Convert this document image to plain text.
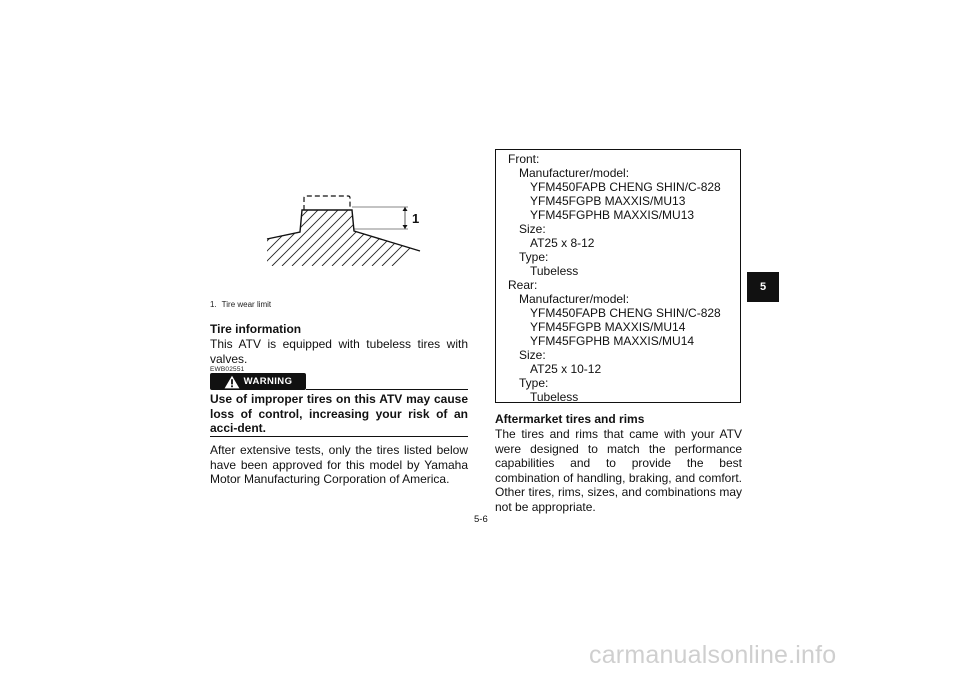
1
1. Tire wear limit
Tire information

This ATV is equipped with tubeless tires with valves.

EWB02551
WARNING

Use of improper tires on this ATV may cause loss of control, increasing your risk of an acci-dent.

After extensive tests, only the tires listed below have been approved for this model by Yamaha Motor Manufacturing Corporation of America.

Front:
Manufacturer/model:
YFM450FAPB CHENG SHIN/C-828
YFM45FGPB MAXXIS/MU13
YFM45FGPHB MAXXIS/MU13
Size:
AT25 x 8-12
Type:
Tubeless
Rear:
Manufacturer/model:
YFM450FAPB CHENG SHIN/C-828
YFM45FGPB MAXXIS/MU14
YFM45FGPHB MAXXIS/MU14
Size:
AT25 x 10-12
Type:
Tubeless
Aftermarket tires and rims

The tires and rims that came with your ATV were designed to match the performance capabilities and to provide the best combination of handling, braking, and comfort. Other tires, rims, sizes, and combinations may not be appropriate.

5-6
5
carmanualsonline.info
